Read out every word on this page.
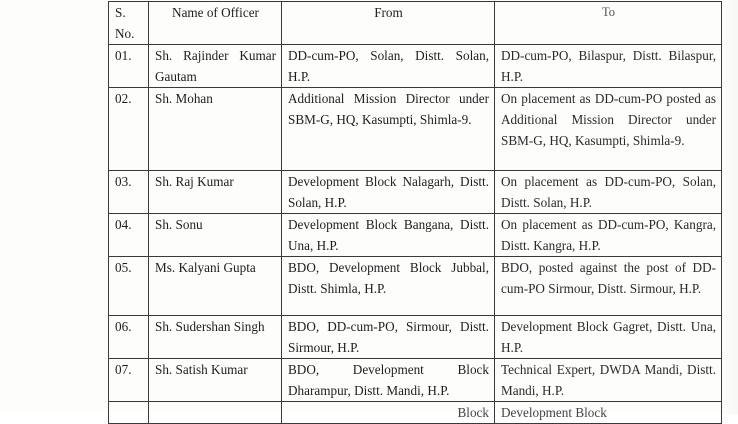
S. No.	Name of Officer	From	To
01.	Sh. Rajinder Kumar Gautam	DD-cum-PO, Solan, Distt. Solan, H.P.	DD-cum-PO, Bilaspur, Distt. Bilaspur, H.P.
02.	Sh. Mohan	Additional Mission Director under SBM-G, HQ, Kasumpti, Shimla-9.	On placement as DD-cum-PO posted as Additional Mission Director under SBM-G, HQ, Kasumpti, Shimla-9.
03.	Sh. Raj Kumar	Development Block Nalagarh, Distt. Solan, H.P.	On placement as DD-cum-PO, Solan, Distt. Solan, H.P.
04.	Sh. Sonu	Development Block Bangana, Distt. Una, H.P.	On placement as DD-cum-PO, Kangra, Distt. Kangra, H.P.
05.	Ms. Kalyani Gupta	BDO, Development Block Jubbal, Distt. Shimla, H.P.	BDO, posted against the post of DD-cum-PO Sirmour, Distt. Sirmour, H.P.
06.	Sh. Sudershan Singh	BDO, DD-cum-PO, Sirmour, Distt. Sirmour, H.P.	Development Block Gagret, Distt. Una, H.P.
07.	Sh. Satish Kumar	BDO, Development Block Dharampur, Distt. Mandi, H.P.	Technical Expert, DWDA Mandi, Distt. Mandi, H.P.
		Block	Development Block
